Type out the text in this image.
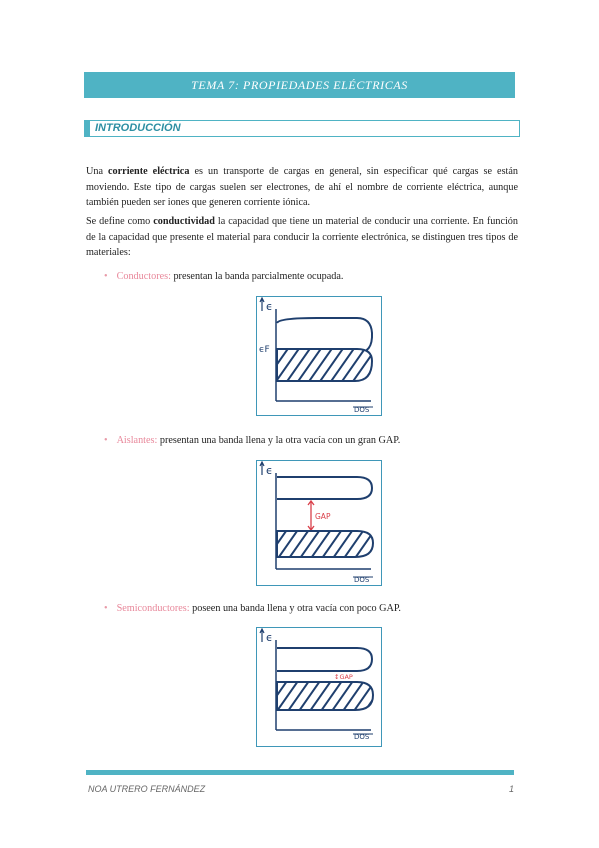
TEMA 7: PROPIEDADES ELÉCTRICAS
INTRODUCCIÓN
Una corriente eléctrica es un transporte de cargas en general, sin especificar qué cargas se están moviendo. Este tipo de cargas suelen ser electrones, de ahí el nombre de corriente eléctrica, aunque también pueden ser iones que generen corriente iónica.
Se define como conductividad la capacidad que tiene un material de conducir una corriente. En función de la capacidad que presente el material para conducir la corriente electrónica, se distinguen tres tipos de materiales:
• Conductores: presentan la banda parcialmente ocupada.
ϵ
ϵF
DOS
• Aislantes: presentan una banda llena y la otra vacía con un gran GAP.
ϵ
GAP
DOS
• Semiconductores: poseen una banda llena y otra vacía con poco GAP.
ϵ
↕GAP
DOS
NOA UTRERO FERNÁNDEZ	1
